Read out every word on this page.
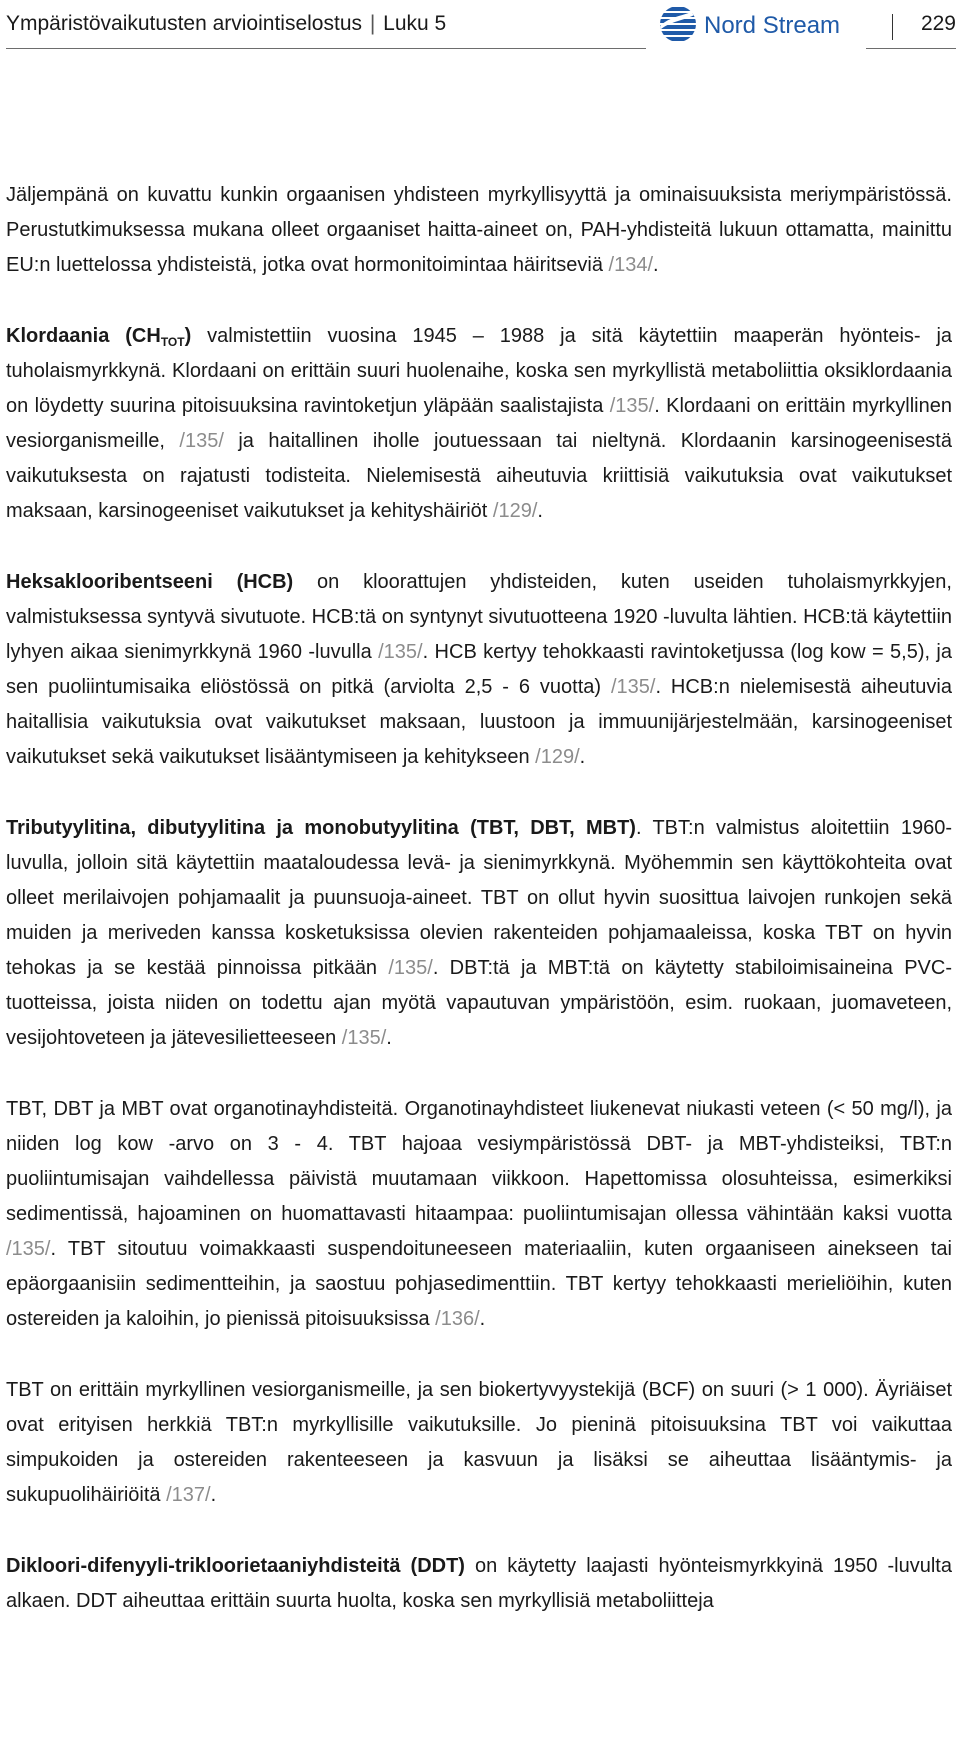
Ympäristövaikutusten arviointiselostus | Luku 5	Nord Stream	229

Jäljempänä on kuvattu kunkin orgaanisen yhdisteen myrkyllisyyttä ja ominaisuuksista meriympäristössä. Perustutkimuksessa mukana olleet orgaaniset haitta-aineet on, PAH-yhdisteitä lukuun ottamatta, mainittu EU:n luettelossa yhdisteistä, jotka ovat hormonitoimintaa häiritseviä /134/.

Klordaania $(CH_{TOT})$ valmistettiin vuosina 1945 – 1988 ja sitä käytettiin maaperän hyönteis- ja tuholaismyrkkynä. Klordaani on erittäin suuri huolenaihe, koska sen myrkyllistä metaboliittia oksiklordaania on löydetty suurina pitoisuuksina ravintoketjun yläpään saalistajista /135/. Klordaani on erittäin myrkyllinen vesiorganismeille, /135/ ja haitallinen iholle joutuessaan tai nieltynä. Klordaanin karsinogeenisestä vaikutuksesta on rajatusti todisteita. Nielemisestä aiheutuvia kriittisiä vaikutuksia ovat vaikutukset maksaan, karsinogeeniset vaikutukset ja kehityshäiriöt /129/.

Heksaklooribentseeni (HCB) on kloorattujen yhdisteiden, kuten useiden tuholaismyrkkyjen, valmistuksessa syntyvä sivutuote. HCB:tä on syntynyt sivutuotteena 1920 -luvulta lähtien. HCB:tä käytettiin lyhyen aikaa sienimyrkkynä 1960 -luvulla /135/. HCB kertyy tehokkaasti ravintoketjussa (log kow = 5,5), ja sen puoliintumisaika eliöstössä on pitkä (arviolta 2,5 - 6 vuotta) /135/. HCB:n nielemisestä aiheutuvia haitallisia vaikutuksia ovat vaikutukset maksaan, luustoon ja immuunijärjestelmään, karsinogeeniset vaikutukset sekä vaikutukset lisääntymiseen ja kehitykseen /129/.

Tributyylitina, dibutyylitina ja monobutyylitina (TBT, DBT, MBT). TBT:n valmistus aloitettiin 1960-luvulla, jolloin sitä käytettiin maataloudessa levä- ja sienimyrkkynä. Myöhemmin sen käyttökohteita ovat olleet merilaivojen pohjamaalit ja puunsuoja-aineet. TBT on ollut hyvin suosittua laivojen runkojen sekä muiden ja meriveden kanssa kosketuksissa olevien rakenteiden pohjamaaleissa, koska TBT on hyvin tehokas ja se kestää pinnoissa pitkään /135/. DBT:tä ja MBT:tä on käytetty stabiloimisaineina PVC-tuotteissa, joista niiden on todettu ajan myötä vapautuvan ympäristöön, esim. ruokaan, juomaveteen, vesijohtoveteen ja jätevesilietteeseen /135/.

TBT, DBT ja MBT ovat organotinayhdisteitä. Organotinayhdisteet liukenevat niukasti veteen (< 50 mg/l), ja niiden log kow -arvo on 3 - 4. TBT hajoaa vesiympäristössä DBT- ja MBT-yhdisteiksi, TBT:n puoliintumisajan vaihdellessa päivistä muutamaan viikkoon. Hapettomissa olosuhteissa, esimerkiksi sedimentissä, hajoaminen on huomattavasti hitaampaa: puoliintumisajan ollessa vähintään kaksi vuotta /135/. TBT sitoutuu voimakkaasti suspendoituneeseen materiaaliin, kuten orgaaniseen ainekseen tai epäorgaanisiin sedimentteihin, ja saostuu pohjasedimenttiin. TBT kertyy tehokkaasti merieliöihin, kuten ostereiden ja kaloihin, jo pienissä pitoisuuksissa /136/.

TBT on erittäin myrkyllinen vesiorganismeille, ja sen biokertyvyystekijä (BCF) on suuri (> 1 000). Äyriäiset ovat erityisen herkkiä TBT:n myrkyllisille vaikutuksille. Jo pieninä pitoisuuksina TBT voi vaikuttaa simpukoiden ja ostereiden rakenteeseen ja kasvuun ja lisäksi se aiheuttaa lisääntymis- ja sukupuolihäiriöitä /137/.

Dikloori-difenyyli-trikloorietaaniyhdisteitä (DDT) on käytetty laajasti hyönteismyrkkyinä 1950 -luvulta alkaen. DDT aiheuttaa erittäin suurta huolta, koska sen myrkyllisiä metaboliitteja
